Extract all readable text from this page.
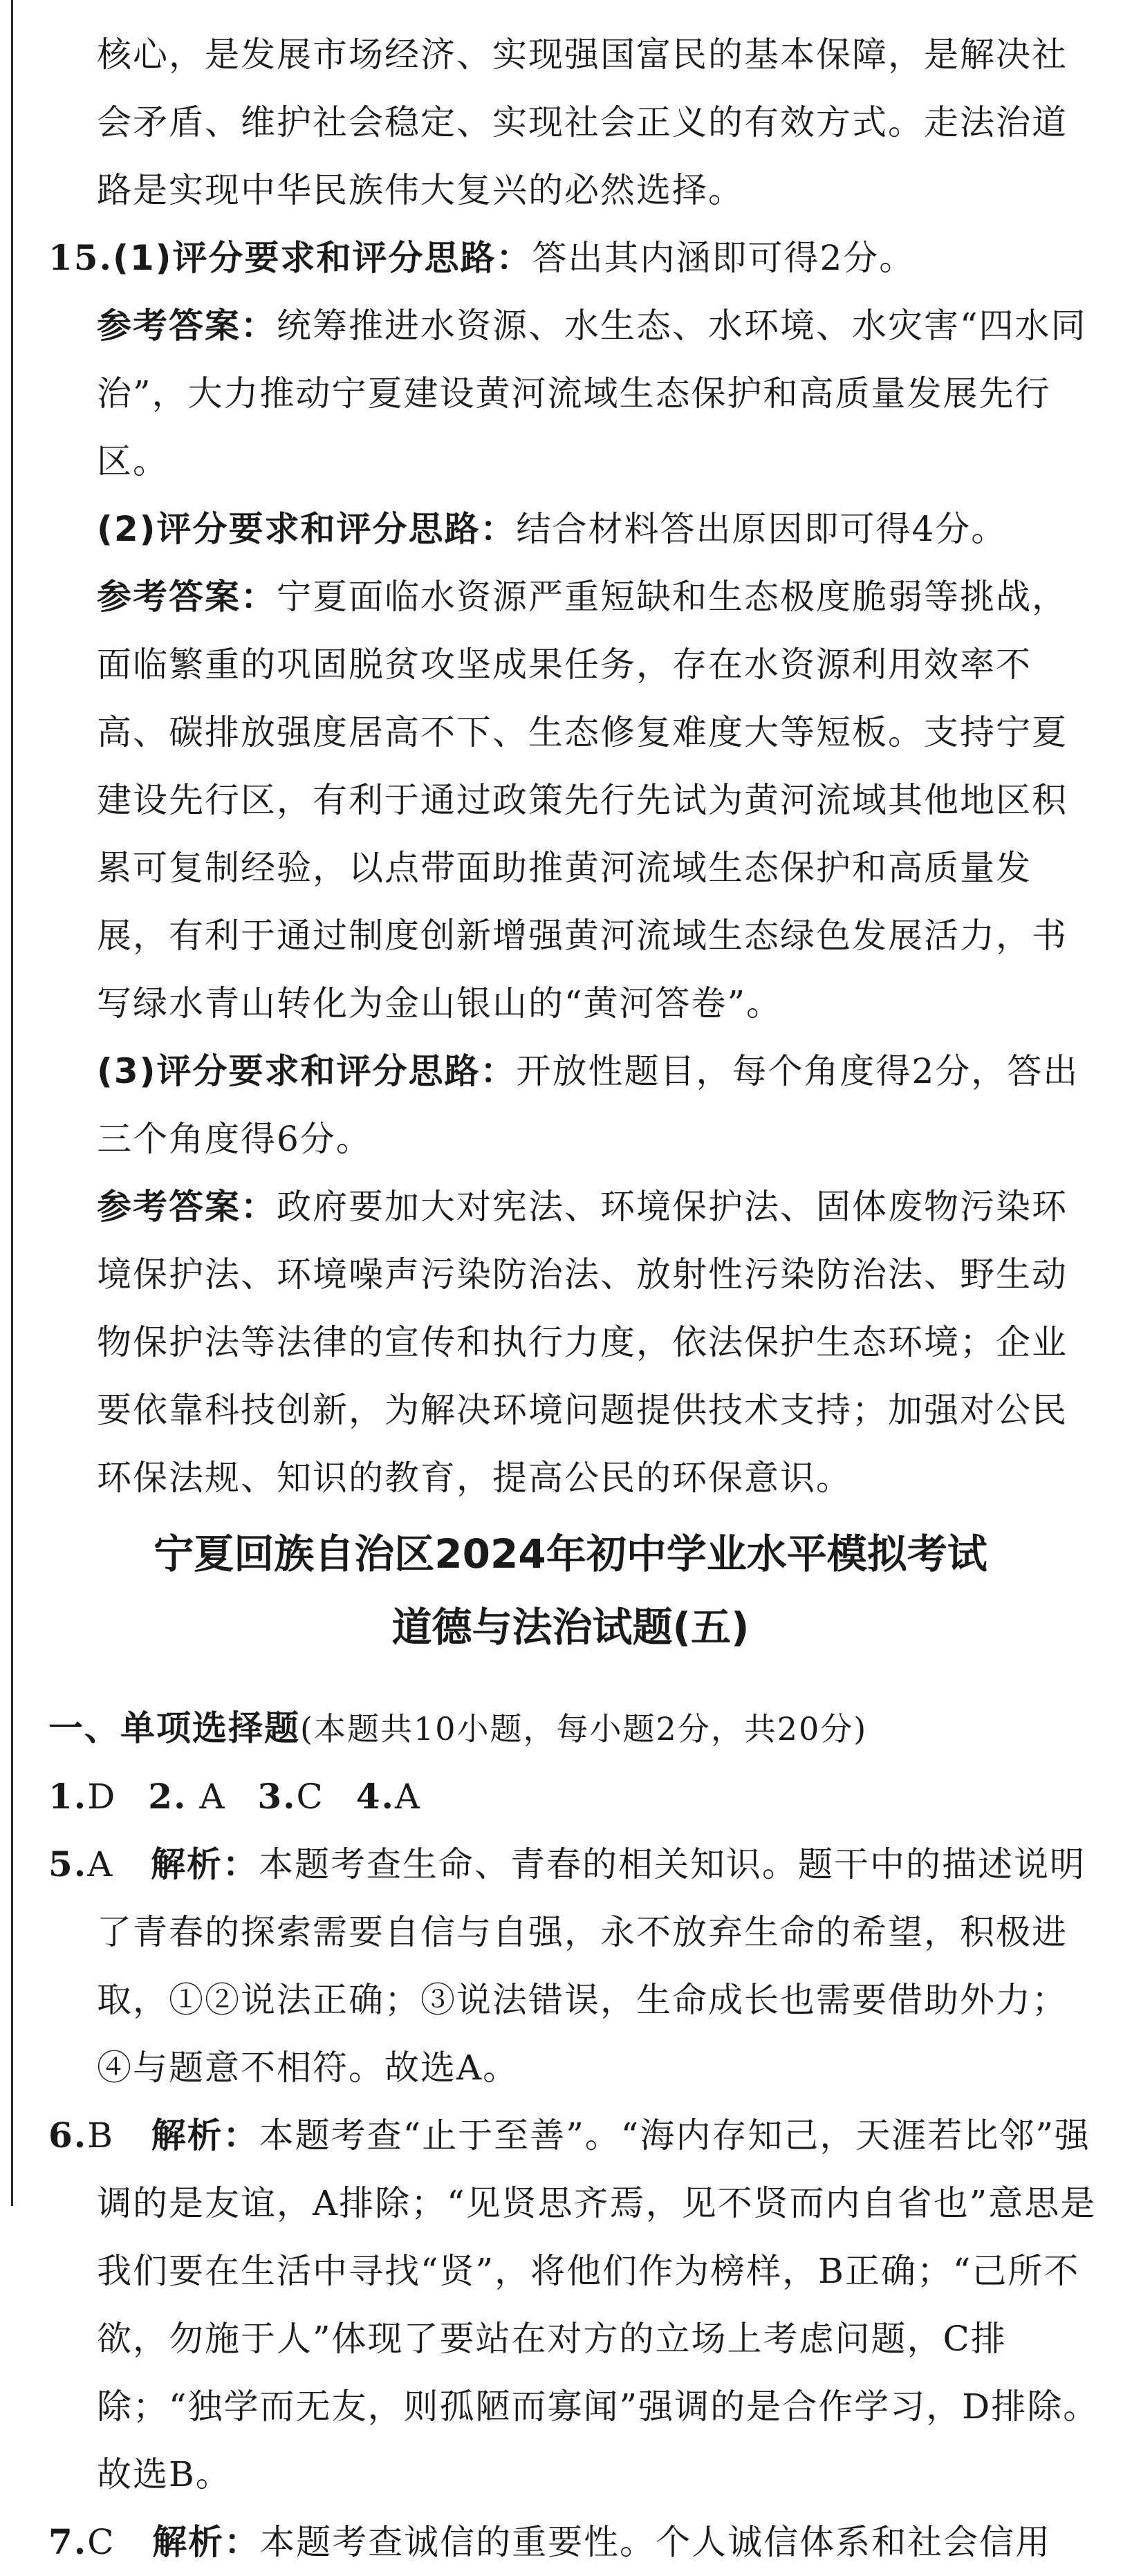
核心，是发展市场经济、实现强国富民的基本保障，是解决社会矛盾、维护社会稳定、实现社会正义的有效方式。走法治道路是实现中华民族伟大复兴的必然选择。

15.(1)评分要求和评分思路：答出其内涵即可得2分。

参考答案：统筹推进水资源、水生态、水环境、水灾害“四水同治”，大力推动宁夏建设黄河流域生态保护和高质量发展先行区。

(2)评分要求和评分思路：结合材料答出原因即可得4分。

参考答案：宁夏面临水资源严重短缺和生态极度脆弱等挑战，面临繁重的巩固脱贫攻坚成果任务，存在水资源利用效率不高、碳排放强度居高不下、生态修复难度大等短板。支持宁夏建设先行区，有利于通过政策先行先试为黄河流域其他地区积累可复制经验，以点带面助推黄河流域生态保护和高质量发展，有利于通过制度创新增强黄河流域生态绿色发展活力，书写绿水青山转化为金山银山的“黄河答卷”。

(3)评分要求和评分思路：开放性题目，每个角度得2分，答出三个角度得6分。

参考答案：政府要加大对宪法、环境保护法、固体废物污染环境保护法、环境噪声污染防治法、放射性污染防治法、野生动物保护法等法律的宣传和执行力度，依法保护生态环境；企业要依靠科技创新，为解决环境问题提供技术支持；加强对公民环保法规、知识的教育，提高公民的环保意识。

宁夏回族自治区2024年初中学业水平模拟考试
道德与法治试题(五)

一、单项选择题(本题共10小题，每小题2分，共20分)

1.D 2. A 3.C 4.A

5.A 解析：本题考查生命、青春的相关知识。题干中的描述说明了青春的探索需要自信与自强，永不放弃生命的希望，积极进取，①②说法正确；③说法错误，生命成长也需要借助外力；④与题意不相符。故选A。

6.B 解析：本题考查“止于至善”。“海内存知己，天涯若比邻”强调的是友谊，A排除；“见贤思齐焉，见不贤而内自省也”意思是我们要在生活中寻找“贤”，将他们作为榜样，B正确；“己所不欲，勿施于人”体现了要站在对方的立场上考虑问题，C排除；“独学而无友，则孤陋而寡闻”强调的是合作学习，D排除。故选B。

7.C 解析：本题考查诚信的重要性。个人诚信体系和社会信用
